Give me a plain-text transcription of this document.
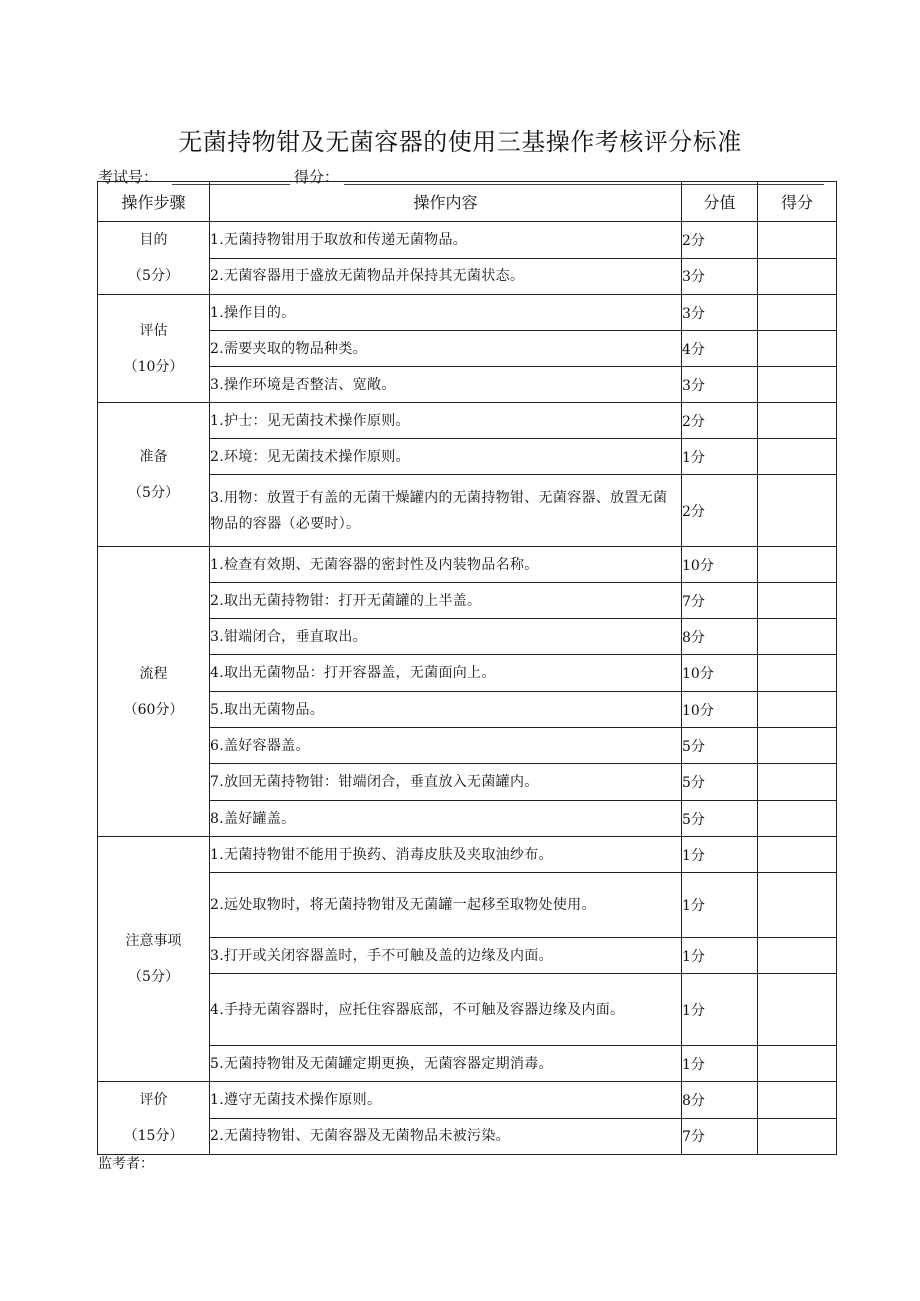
无菌持物钳及无菌容器的使用三基操作考核评分标准
考试号：	得分：
操作步骤	操作内容	分值	得分

目的
（5分）	1.无菌持物钳用于取放和传递无菌物品。	2分	
	2.无菌容器用于盛放无菌物品并保持其无菌状态。	3分	

评估
（10分）	1.操作目的。	3分	
	2.需要夹取的物品种类。	4分	
	3.操作环境是否整洁、宽敞。	3分	

准备
（5分）	1.护士：见无菌技术操作原则。	2分	
	2.环境：见无菌技术操作原则。	1分	
	3.用物：放置于有盖的无菌干燥罐内的无菌持物钳、无菌容器、放置无菌物品的容器（必要时）。	2分	

流程
（60分）	1.检查有效期、无菌容器的密封性及内装物品名称。	10分	
	2.取出无菌持物钳：打开无菌罐的上半盖。	7分	
	3.钳端闭合，垂直取出。	8分	
	4.取出无菌物品：打开容器盖，无菌面向上。	10分	
	5.取出无菌物品。	10分	
	6.盖好容器盖。	5分	
	7.放回无菌持物钳：钳端闭合，垂直放入无菌罐内。	5分	
	8.盖好罐盖。	5分	

注意事项
（5分）	1.无菌持物钳不能用于换药、消毒皮肤及夹取油纱布。	1分	
	2.远处取物时，将无菌持物钳及无菌罐一起移至取物处使用。	1分	
	3.打开或关闭容器盖时，手不可触及盖的边缘及内面。	1分	
	4.手持无菌容器时，应托住容器底部，不可触及容器边缘及内面。	1分	
	5.无菌持物钳及无菌罐定期更换，无菌容器定期消毒。	1分	

评价
（15分）	1.遵守无菌技术操作原则。	8分	
	2.无菌持物钳、无菌容器及无菌物品未被污染。	7分	
监考者：
